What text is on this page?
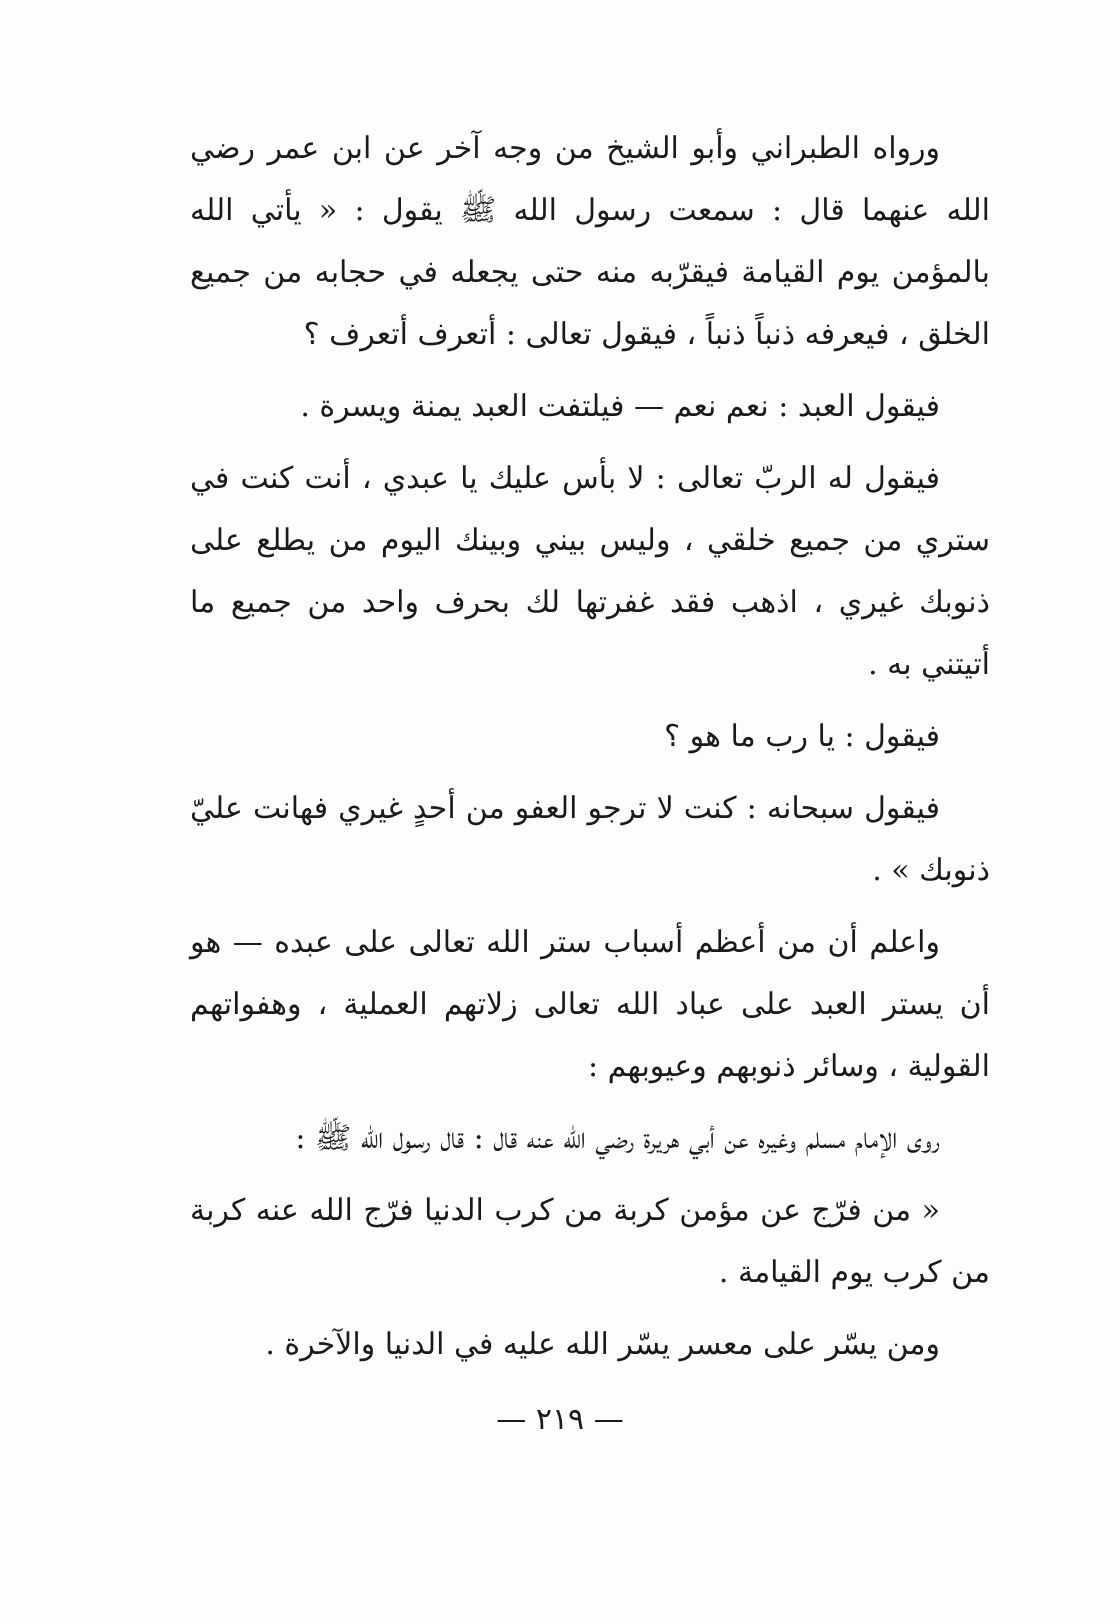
ورواه الطبراني وأبو الشيخ من وجه آخر عن ابن عمر رضي الله عنهما قال : سمعت رسول الله ﷺ يقول : « يأتي الله بالمؤمن يوم القيامة فيقرّبه منه حتى يجعله في حجابه من جميع الخلق ، فيعرفه ذنباً ذنباً ، فيقول تعالى : أتعرف أتعرف ؟

فيقول العبد : نعم نعم — فيلتفت العبد يمنة ويسرة .

فيقول له الربّ تعالى : لا بأس عليك يا عبدي ، أنت كنت في ستري من جميع خلقي ، وليس بيني وبينك اليوم من يطلع على ذنوبك غيري ، اذهب فقد غفرتها لك بحرف واحد من جميع ما أتيتني به .

فيقول : يا رب ما هو ؟

فيقول سبحانه : كنت لا ترجو العفو من أحدٍ غيري فهانت عليّ ذنوبك » .

واعلم أن من أعظم أسباب ستر الله تعالى على عبده — هو أن يستر العبد على عباد الله تعالى زلاتهم العملية ، وهفواتهم القولية ، وسائر ذنوبهم وعيوبهم :

روى الإمام مسلم وغيره عن أبي هريرة رضي الله عنه قال : قال رسول الله ﷺ :

« من فرّج عن مؤمن كربة من كرب الدنيا فرّج الله عنه كربة من كرب يوم القيامة .

ومن يسّر على معسر يسّر الله عليه في الدنيا والآخرة .

— ٢١٩ —
